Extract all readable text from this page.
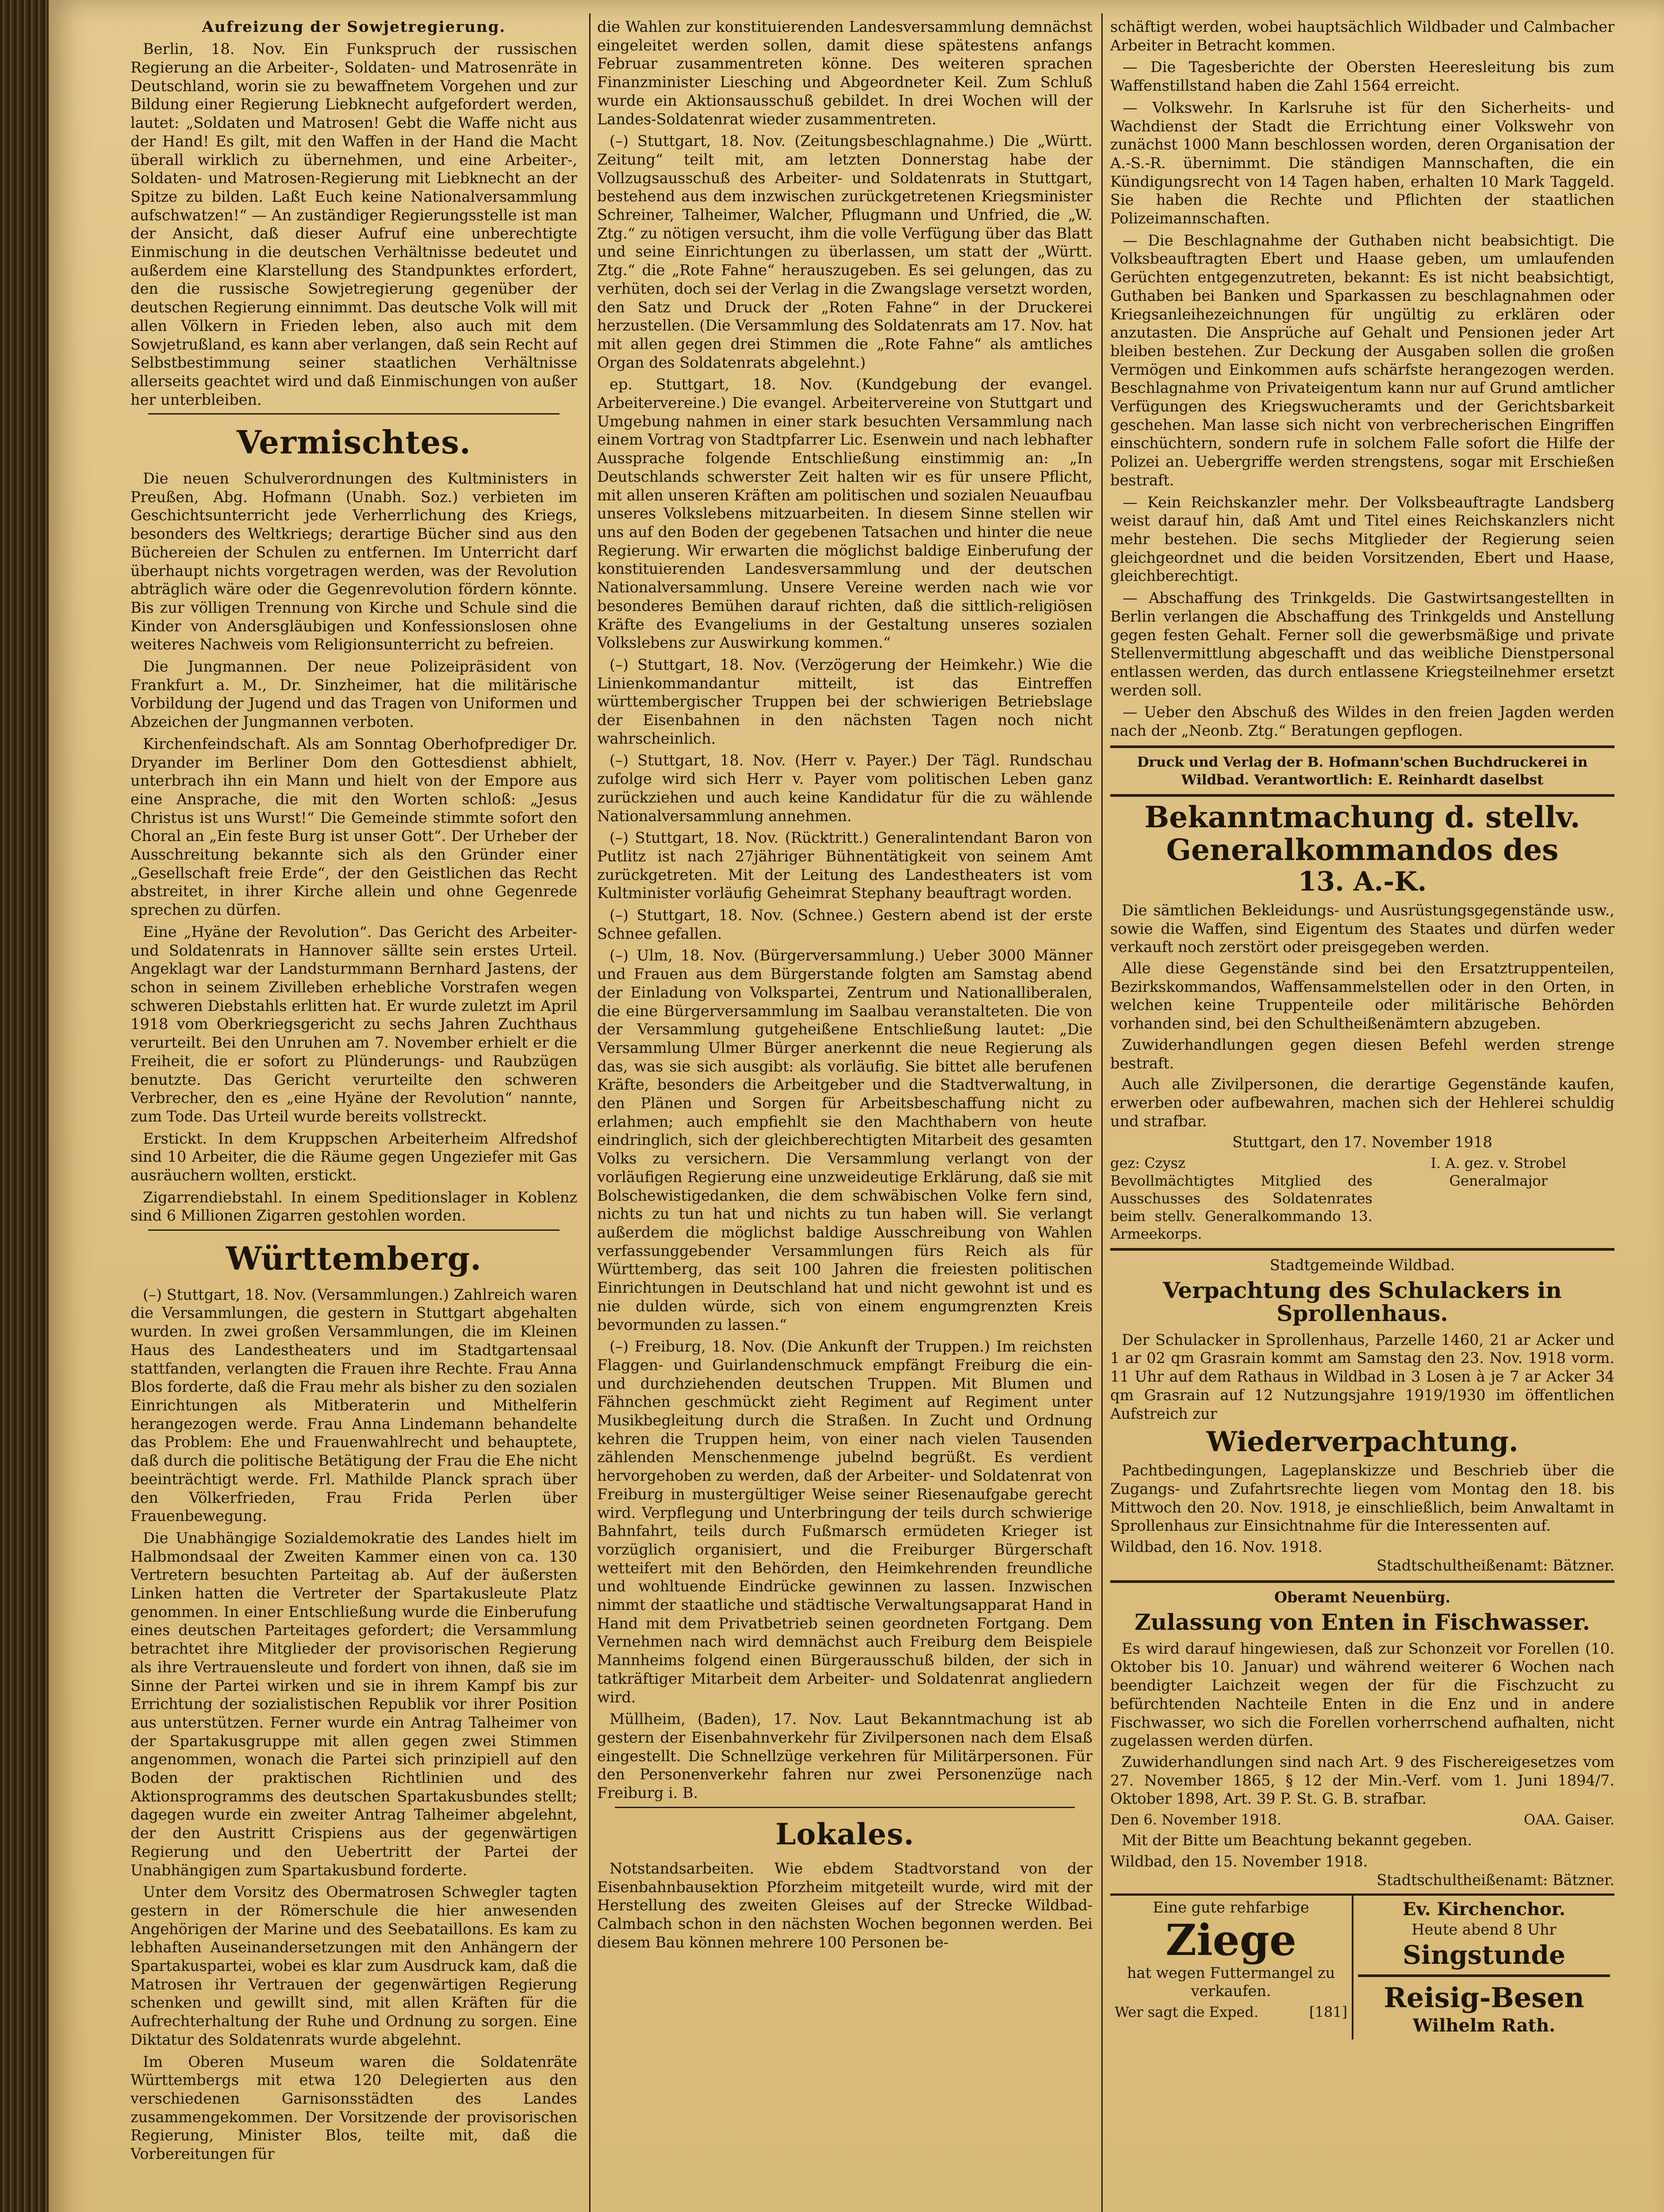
Aufreizung der Sowjetregierung.

Berlin, 18. Nov. Ein Funkspruch der russischen Regierung an die Arbeiter-, Soldaten- und Matrosenräte in Deutschland, worin sie zu bewaffnetem Vorgehen und zur Bildung einer Regierung Liebknecht aufgefordert werden, lautet: „Soldaten und Matrosen! Gebt die Waffe nicht aus der Hand! Es gilt, mit den Waffen in der Hand die Macht überall wirklich zu übernehmen, und eine Arbeiter-, Soldaten- und Matrosen-Regierung mit Liebknecht an der Spitze zu bilden. Laßt Euch keine Nationalversammlung aufschwatzen!“ — An zuständiger Regierungsstelle ist man der Ansicht, daß dieser Aufruf eine unberechtigte Einmischung in die deutschen Verhältnisse bedeutet und außerdem eine Klarstellung des Standpunktes erfordert, den die russische Sowjetregierung gegenüber der deutschen Regierung einnimmt. Das deutsche Volk will mit allen Völkern in Frieden leben, also auch mit dem Sowjetrußland, es kann aber verlangen, daß sein Recht auf Selbstbestimmung seiner staatlichen Verhältnisse allerseits geachtet wird und daß Einmischungen von außer her unterbleiben.

Vermischtes.

Die neuen Schulverordnungen des Kultministers in Preußen, Abg. Hofmann (Unabh. Soz.) verbieten im Geschichtsunterricht jede Verherrlichung des Kriegs, besonders des Weltkriegs; derartige Bücher sind aus den Büchereien der Schulen zu entfernen. Im Unterricht darf überhaupt nichts vorgetragen werden, was der Revolution abträglich wäre oder die Gegenrevolution fördern könnte. Bis zur völligen Trennung von Kirche und Schule sind die Kinder von Andersgläubigen und Konfessionslosen ohne weiteres Nachweis vom Religionsunterricht zu befreien.

Die Jungmannen. Der neue Polizeipräsident von Frankfurt a. M., Dr. Sinzheimer, hat die militärische Vorbildung der Jugend und das Tragen von Uniformen und Abzeichen der Jungmannen verboten.

Kirchenfeindschaft. Als am Sonntag Oberhofprediger Dr. Dryander im Berliner Dom den Gottesdienst abhielt, unterbrach ihn ein Mann und hielt von der Empore aus eine Ansprache, die mit den Worten schloß: „Jesus Christus ist uns Wurst!“ Die Gemeinde stimmte sofort den Choral an „Ein feste Burg ist unser Gott“. Der Urheber der Ausschreitung bekannte sich als den Gründer einer „Gesellschaft freie Erde“, der den Geistlichen das Recht abstreitet, in ihrer Kirche allein und ohne Gegenrede sprechen zu dürfen.

Eine „Hyäne der Revolution“. Das Gericht des Arbeiter- und Soldatenrats in Hannover sällte sein erstes Urteil. Angeklagt war der Landsturmmann Bernhard Jastens, der schon in seinem Zivilleben erhebliche Vorstrafen wegen schweren Diebstahls erlitten hat. Er wurde zuletzt im April 1918 vom Oberkriegsgericht zu sechs Jahren Zuchthaus verurteilt. Bei den Unruhen am 7. November erhielt er die Freiheit, die er sofort zu Plünderungs- und Raubzügen benutzte. Das Gericht verurteilte den schweren Verbrecher, den es „eine Hyäne der Revolution“ nannte, zum Tode. Das Urteil wurde bereits vollstreckt.

Erstickt. In dem Kruppschen Arbeiterheim Alfredshof sind 10 Arbeiter, die die Räume gegen Ungeziefer mit Gas ausräuchern wollten, erstickt.

Zigarrendiebstahl. In einem Speditionslager in Koblenz sind 6 Millionen Zigarren gestohlen worden.

Württemberg.

(–) Stuttgart, 18. Nov. (Versammlungen.) Zahlreich waren die Versammlungen, die gestern in Stuttgart abgehalten wurden. In zwei großen Versammlungen, die im Kleinen Haus des Landestheaters und im Stadtgartensaal stattfanden, verlangten die Frauen ihre Rechte. Frau Anna Blos forderte, daß die Frau mehr als bisher zu den sozialen Einrichtungen als Mitberaterin und Mithelferin herangezogen werde. Frau Anna Lindemann behandelte das Problem: Ehe und Frauenwahlrecht und behauptete, daß durch die politische Betätigung der Frau die Ehe nicht beeinträchtigt werde. Frl. Mathilde Planck sprach über den Völkerfrieden, Frau Frida Perlen über Frauenbewegung.

Die Unabhängige Sozialdemokratie des Landes hielt im Halbmondsaal der Zweiten Kammer einen von ca. 130 Vertretern besuchten Parteitag ab. Auf der äußersten Linken hatten die Vertreter der Spartakusleute Platz genommen. In einer Entschließung wurde die Einberufung eines deutschen Parteitages gefordert; die Versammlung betrachtet ihre Mitglieder der provisorischen Regierung als ihre Vertrauensleute und fordert von ihnen, daß sie im Sinne der Partei wirken und sie in ihrem Kampf bis zur Errichtung der sozialistischen Republik vor ihrer Position aus unterstützen. Ferner wurde ein Antrag Talheimer von der Spartakusgruppe mit allen gegen zwei Stimmen angenommen, wonach die Partei sich prinzipiell auf den Boden der praktischen Richtlinien und des Aktionsprogramms des deutschen Spartakusbundes stellt; dagegen wurde ein zweiter Antrag Talheimer abgelehnt, der den Austritt Crispiens aus der gegenwärtigen Regierung und den Uebertritt der Partei der Unabhängigen zum Spartakusbund forderte.

Unter dem Vorsitz des Obermatrosen Schwegler tagten gestern in der Römerschule die hier anwesenden Angehörigen der Marine und des Seebataillons. Es kam zu lebhaften Auseinandersetzungen mit den Anhängern der Spartakuspartei, wobei es klar zum Ausdruck kam, daß die Matrosen ihr Vertrauen der gegenwärtigen Regierung schenken und gewillt sind, mit allen Kräften für die Aufrechterhaltung der Ruhe und Ordnung zu sorgen. Eine Diktatur des Soldatenrats wurde abgelehnt.

Im Oberen Museum waren die Soldatenräte Württembergs mit etwa 120 Delegierten aus den verschiedenen Garnisonsstädten des Landes zusammengekommen. Der Vorsitzende der provisorischen Regierung, Minister Blos, teilte mit, daß die Vorbereitungen für

die Wahlen zur konstituierenden Landesversammlung demnächst eingeleitet werden sollen, damit diese spätestens anfangs Februar zusammentreten könne. Des weiteren sprachen Finanzminister Liesching und Abgeordneter Keil. Zum Schluß wurde ein Aktionsausschuß gebildet. In drei Wochen will der Landes-Soldatenrat wieder zusammentreten.

(–) Stuttgart, 18. Nov. (Zeitungsbeschlagnahme.) Die „Württ. Zeitung“ teilt mit, am letzten Donnerstag habe der Vollzugsausschuß des Arbeiter- und Soldatenrats in Stuttgart, bestehend aus dem inzwischen zurückgetretenen Kriegsminister Schreiner, Talheimer, Walcher, Pflugmann und Unfried, die „W. Ztg.“ zu nötigen versucht, ihm die volle Verfügung über das Blatt und seine Einrichtungen zu überlassen, um statt der „Württ. Ztg.“ die „Rote Fahne“ herauszugeben. Es sei gelungen, das zu verhüten, doch sei der Verlag in die Zwangslage versetzt worden, den Satz und Druck der „Roten Fahne“ in der Druckerei herzustellen. (Die Versammlung des Soldatenrats am 17. Nov. hat mit allen gegen drei Stimmen die „Rote Fahne“ als amtliches Organ des Soldatenrats abgelehnt.)

ep. Stuttgart, 18. Nov. (Kundgebung der evangel. Arbeitervereine.) Die evangel. Arbeitervereine von Stuttgart und Umgebung nahmen in einer stark besuchten Versammlung nach einem Vortrag von Stadtpfarrer Lic. Esenwein und nach lebhafter Aussprache folgende Entschließung einstimmig an: „In Deutschlands schwerster Zeit halten wir es für unsere Pflicht, mit allen unseren Kräften am politischen und sozialen Neuaufbau unseres Volkslebens mitzuarbeiten. In diesem Sinne stellen wir uns auf den Boden der gegebenen Tatsachen und hinter die neue Regierung. Wir erwarten die möglichst baldige Einberufung der konstituierenden Landesversammlung und der deutschen Nationalversammlung. Unsere Vereine werden nach wie vor besonderes Bemühen darauf richten, daß die sittlich-religiösen Kräfte des Evangeliums in der Gestaltung unseres sozialen Volkslebens zur Auswirkung kommen.“

(–) Stuttgart, 18. Nov. (Verzögerung der Heimkehr.) Wie die Linienkommandantur mitteilt, ist das Eintreffen württembergischer Truppen bei der schwierigen Betriebslage der Eisenbahnen in den nächsten Tagen noch nicht wahrscheinlich.

(–) Stuttgart, 18. Nov. (Herr v. Payer.) Der Tägl. Rundschau zufolge wird sich Herr v. Payer vom politischen Leben ganz zurückziehen und auch keine Kandidatur für die zu wählende Nationalversammlung annehmen.

(–) Stuttgart, 18. Nov. (Rücktritt.) Generalintendant Baron von Putlitz ist nach 27jähriger Bühnentätigkeit von seinem Amt zurückgetreten. Mit der Leitung des Landestheaters ist vom Kultminister vorläufig Geheimrat Stephany beauftragt worden.

(–) Stuttgart, 18. Nov. (Schnee.) Gestern abend ist der erste Schnee gefallen.

(–) Ulm, 18. Nov. (Bürgerversammlung.) Ueber 3000 Männer und Frauen aus dem Bürgerstande folgten am Samstag abend der Einladung von Volkspartei, Zentrum und Nationalliberalen, die eine Bürgerversammlung im Saalbau veranstalteten. Die von der Versammlung gutgeheißene Entschließung lautet: „Die Versammlung Ulmer Bürger anerkennt die neue Regierung als das, was sie sich ausgibt: als vorläufig. Sie bittet alle berufenen Kräfte, besonders die Arbeitgeber und die Stadtverwaltung, in den Plänen und Sorgen für Arbeitsbeschaffung nicht zu erlahmen; auch empfiehlt sie den Machthabern von heute eindringlich, sich der gleichberechtigten Mitarbeit des gesamten Volks zu versichern. Die Versammlung verlangt von der vorläufigen Regierung eine unzweideutige Erklärung, daß sie mit Bolschewistigedanken, die dem schwäbischen Volke fern sind, nichts zu tun hat und nichts zu tun haben will. Sie verlangt außerdem die möglichst baldige Ausschreibung von Wahlen verfassunggebender Versammlungen fürs Reich als für Württemberg, das seit 100 Jahren die freiesten politischen Einrichtungen in Deutschland hat und nicht gewohnt ist und es nie dulden würde, sich von einem engumgrenzten Kreis bevormunden zu lassen.“

(–) Freiburg, 18. Nov. (Die Ankunft der Truppen.) Im reichsten Flaggen- und Guirlandenschmuck empfängt Freiburg die ein- und durchziehenden deutschen Truppen. Mit Blumen und Fähnchen geschmückt zieht Regiment auf Regiment unter Musikbegleitung durch die Straßen. In Zucht und Ordnung kehren die Truppen heim, von einer nach vielen Tausenden zählenden Menschenmenge jubelnd begrüßt. Es verdient hervorgehoben zu werden, daß der Arbeiter- und Soldatenrat von Freiburg in mustergültiger Weise seiner Riesenaufgabe gerecht wird. Verpflegung und Unterbringung der teils durch schwierige Bahnfahrt, teils durch Fußmarsch ermüdeten Krieger ist vorzüglich organisiert, und die Freiburger Bürgerschaft wetteifert mit den Behörden, den Heimkehrenden freundliche und wohltuende Eindrücke gewinnen zu lassen. Inzwischen nimmt der staatliche und städtische Verwaltungsapparat Hand in Hand mit dem Privatbetrieb seinen geordneten Fortgang. Dem Vernehmen nach wird demnächst auch Freiburg dem Beispiele Mannheims folgend einen Bürgerausschuß bilden, der sich in tatkräftiger Mitarbeit dem Arbeiter- und Soldatenrat angliedern wird.

Müllheim, (Baden), 17. Nov. Laut Bekanntmachung ist ab gestern der Eisenbahnverkehr für Zivilpersonen nach dem Elsaß eingestellt. Die Schnellzüge verkehren für Militärpersonen. Für den Personenverkehr fahren nur zwei Personenzüge nach Freiburg i. B.

Lokales.

Notstandsarbeiten. Wie ebdem Stadtvorstand von der Eisenbahnbausektion Pforzheim mitgeteilt wurde, wird mit der Herstellung des zweiten Gleises auf der Strecke Wildbad-Calmbach schon in den nächsten Wochen begonnen werden. Bei diesem Bau können mehrere 100 Personen be-

schäftigt werden, wobei hauptsächlich Wildbader und Calmbacher Arbeiter in Betracht kommen.

— Die Tagesberichte der Obersten Heeresleitung bis zum Waffenstillstand haben die Zahl 1564 erreicht.

— Volkswehr. In Karlsruhe ist für den Sicherheits- und Wachdienst der Stadt die Errichtung einer Volkswehr von zunächst 1000 Mann beschlossen worden, deren Organisation der A.-S.-R. übernimmt. Die ständigen Mannschaften, die ein Kündigungsrecht von 14 Tagen haben, erhalten 10 Mark Taggeld. Sie haben die Rechte und Pflichten der staatlichen Polizeimannschaften.

— Die Beschlagnahme der Guthaben nicht beabsichtigt. Die Volksbeauftragten Ebert und Haase geben, um umlaufenden Gerüchten entgegenzutreten, bekannt: Es ist nicht beabsichtigt, Guthaben bei Banken und Sparkassen zu beschlagnahmen oder Kriegsanleihezeichnungen für ungültig zu erklären oder anzutasten. Die Ansprüche auf Gehalt und Pensionen jeder Art bleiben bestehen. Zur Deckung der Ausgaben sollen die großen Vermögen und Einkommen aufs schärfste herangezogen werden. Beschlagnahme von Privateigentum kann nur auf Grund amtlicher Verfügungen des Kriegswucheramts und der Gerichtsbarkeit geschehen. Man lasse sich nicht von verbrecherischen Eingriffen einschüchtern, sondern rufe in solchem Falle sofort die Hilfe der Polizei an. Uebergriffe werden strengstens, sogar mit Erschießen bestraft.

— Kein Reichskanzler mehr. Der Volksbeauftragte Landsberg weist darauf hin, daß Amt und Titel eines Reichskanzlers nicht mehr bestehen. Die sechs Mitglieder der Regierung seien gleichgeordnet und die beiden Vorsitzenden, Ebert und Haase, gleichberechtigt.

— Abschaffung des Trinkgelds. Die Gastwirtsangestellten in Berlin verlangen die Abschaffung des Trinkgelds und Anstellung gegen festen Gehalt. Ferner soll die gewerbsmäßige und private Stellenvermittlung abgeschafft und das weibliche Dienstpersonal entlassen werden, das durch entlassene Kriegsteilnehmer ersetzt werden soll.

— Ueber den Abschuß des Wildes in den freien Jagden werden nach der „Neonb. Ztg.“ Beratungen gepflogen.

Druck und Verlag der B. Hofmann'schen Buchdruckerei in Wildbad. Verantwortlich: E. Reinhardt daselbst
Bekanntmachung d. stellv.
Generalkommandos des
13. A.-K.

Die sämtlichen Bekleidungs- und Ausrüstungsgegenstände usw., sowie die Waffen, sind Eigentum des Staates und dürfen weder verkauft noch zerstört oder preisgegeben werden.

Alle diese Gegenstände sind bei den Ersatztruppenteilen, Bezirkskommandos, Waffensammelstellen oder in den Orten, in welchen keine Truppenteile oder militärische Behörden vorhanden sind, bei den Schultheißenämtern abzugeben.

Zuwiderhandlungen gegen diesen Befehl werden strenge bestraft.

Auch alle Zivilpersonen, die derartige Gegenstände kaufen, erwerben oder aufbewahren, machen sich der Hehlerei schuldig und strafbar.

Stuttgart, den 17. November 1918
gez: Czysz
Bevollmächtigtes Mitglied des Ausschusses des Soldatenrates beim stellv. Generalkommando 13. Armeekorps.
I. A. gez. v. Strobel
Generalmajor
Stadtgemeinde Wildbad.
Verpachtung des Schulackers in Sprollenhaus.

Der Schulacker in Sprollenhaus, Parzelle 1460, 21 ar Acker und 1 ar 02 qm Grasrain kommt am Samstag den 23. Nov. 1918 vorm. 11 Uhr auf dem Rathaus in Wildbad in 3 Losen à je 7 ar Acker 34 qm Grasrain auf 12 Nutzungsjahre 1919/1930 im öffentlichen Aufstreich zur

Wiederverpachtung.

Pachtbedingungen, Lageplanskizze und Beschrieb über die Zugangs- und Zufahrtsrechte liegen vom Montag den 18. bis Mittwoch den 20. Nov. 1918, je einschließlich, beim Anwaltamt in Sprollenhaus zur Einsichtnahme für die Interessenten auf.

Wildbad, den 16. Nov. 1918.
Stadtschultheißenamt: Bätzner.
Oberamt Neuenbürg.
Zulassung von Enten in Fischwasser.

Es wird darauf hingewiesen, daß zur Schonzeit vor Forellen (10. Oktober bis 10. Januar) und während weiterer 6 Wochen nach beendigter Laichzeit wegen der für die Fischzucht zu befürchtenden Nachteile Enten in die Enz und in andere Fischwasser, wo sich die Forellen vorherrschend aufhalten, nicht zugelassen werden dürfen.

Zuwiderhandlungen sind nach Art. 9 des Fischereigesetzes vom 27. November 1865, § 12 der Min.-Verf. vom 1. Juni 1894/7. Oktober 1898, Art. 39 P. St. G. B. strafbar.

Den 6. November 1918.	OAA. Gaiser.

Mit der Bitte um Beachtung bekannt gegeben.

Wildbad, den 15. November 1918.
Stadtschultheißenamt: Bätzner.
Eine gute rehfarbige
Ziege
hat wegen Futtermangel zu verkaufen.
Wer sagt die Exped.	[181]
Ev. Kirchenchor.
Heute abend 8 Uhr
Singstunde
Reisig-Besen
Wilhelm Rath.
